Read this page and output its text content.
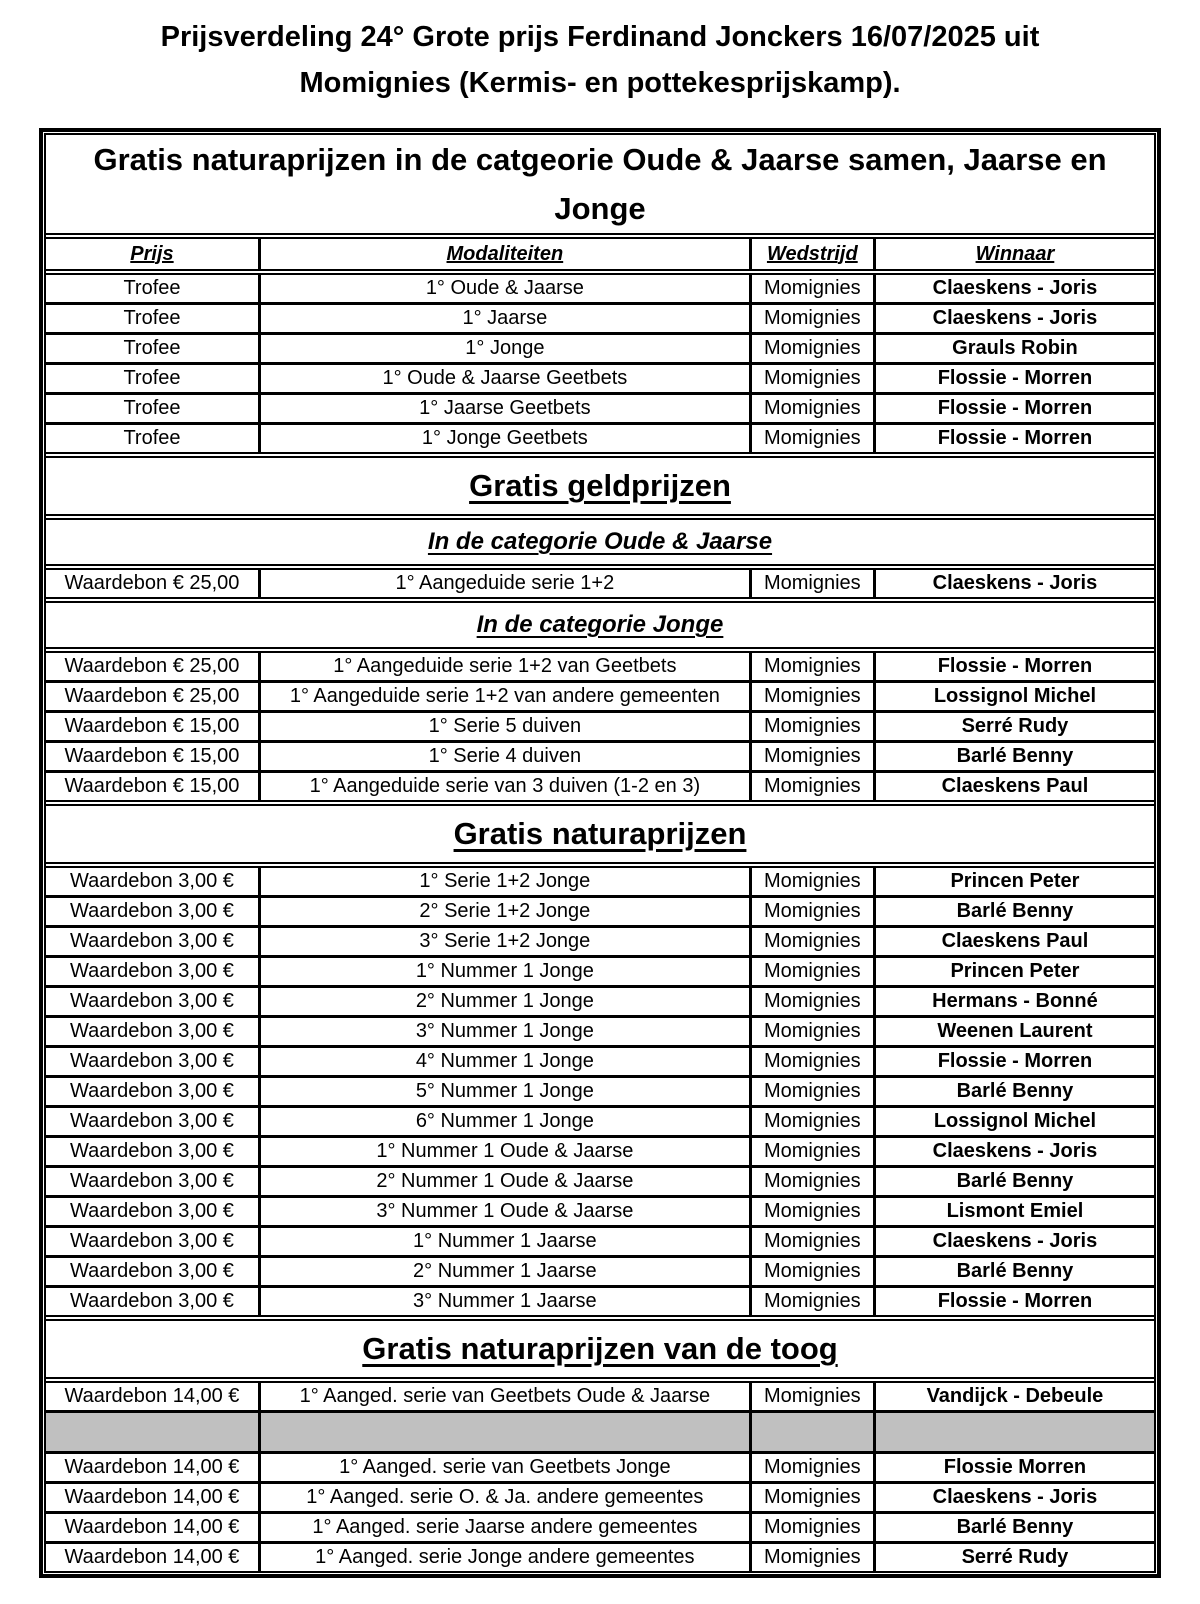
Prijsverdeling 24° Grote prijs Ferdinand Jonckers 16/07/2025 uit
Momignies (Kermis- en pottekesprijskamp).
Gratis naturaprijzen in de catgeorie Oude & Jaarse samen, Jaarse en Jonge
Prijs	Modaliteiten	Wedstrijd	Winnaar
Trofee	1° Oude & Jaarse	Momignies	Claeskens - Joris
Trofee	1° Jaarse	Momignies	Claeskens - Joris
Trofee	1° Jonge	Momignies	Grauls Robin
Trofee	1° Oude & Jaarse Geetbets	Momignies	Flossie - Morren
Trofee	1° Jaarse Geetbets	Momignies	Flossie - Morren
Trofee	1° Jonge Geetbets	Momignies	Flossie - Morren
Gratis geldprijzen
In de categorie Oude & Jaarse
Waardebon € 25,00	1° Aangeduide serie 1+2	Momignies	Claeskens - Joris
In de categorie Jonge
Waardebon € 25,00	1° Aangeduide serie 1+2 van Geetbets	Momignies	Flossie - Morren
Waardebon € 25,00	1° Aangeduide serie 1+2 van andere gemeenten	Momignies	Lossignol Michel
Waardebon € 15,00	1° Serie 5 duiven	Momignies	Serré Rudy
Waardebon € 15,00	1° Serie 4 duiven	Momignies	Barlé Benny
Waardebon € 15,00	1° Aangeduide serie van 3 duiven (1-2 en 3)	Momignies	Claeskens Paul
Gratis naturaprijzen
Waardebon 3,00 €	1° Serie 1+2 Jonge	Momignies	Princen Peter
Waardebon 3,00 €	2° Serie 1+2 Jonge	Momignies	Barlé Benny
Waardebon 3,00 €	3° Serie 1+2 Jonge	Momignies	Claeskens Paul
Waardebon 3,00 €	1° Nummer 1 Jonge	Momignies	Princen Peter
Waardebon 3,00 €	2° Nummer 1 Jonge	Momignies	Hermans - Bonné
Waardebon 3,00 €	3° Nummer 1 Jonge	Momignies	Weenen Laurent
Waardebon 3,00 €	4° Nummer 1 Jonge	Momignies	Flossie - Morren
Waardebon 3,00 €	5° Nummer 1 Jonge	Momignies	Barlé Benny
Waardebon 3,00 €	6° Nummer 1 Jonge	Momignies	Lossignol Michel
Waardebon 3,00 €	1° Nummer 1 Oude & Jaarse	Momignies	Claeskens - Joris
Waardebon 3,00 €	2° Nummer 1 Oude & Jaarse	Momignies	Barlé Benny
Waardebon 3,00 €	3° Nummer 1 Oude & Jaarse	Momignies	Lismont Emiel
Waardebon 3,00 €	1° Nummer 1 Jaarse	Momignies	Claeskens - Joris
Waardebon 3,00 €	2° Nummer 1 Jaarse	Momignies	Barlé Benny
Waardebon 3,00 €	3° Nummer 1 Jaarse	Momignies	Flossie - Morren
Gratis naturaprijzen van de toog
Waardebon 14,00 €	1° Aanged. serie van Geetbets Oude & Jaarse	Momignies	Vandijck - Debeule
Waardebon 14,00 €	1° Aanged. serie van Geetbets Jonge	Momignies	Flossie Morren
Waardebon 14,00 €	1° Aanged. serie O. & Ja. andere gemeentes	Momignies	Claeskens - Joris
Waardebon 14,00 €	1° Aanged. serie Jaarse andere gemeentes	Momignies	Barlé Benny
Waardebon 14,00 €	1° Aanged. serie Jonge andere gemeentes	Momignies	Serré Rudy
